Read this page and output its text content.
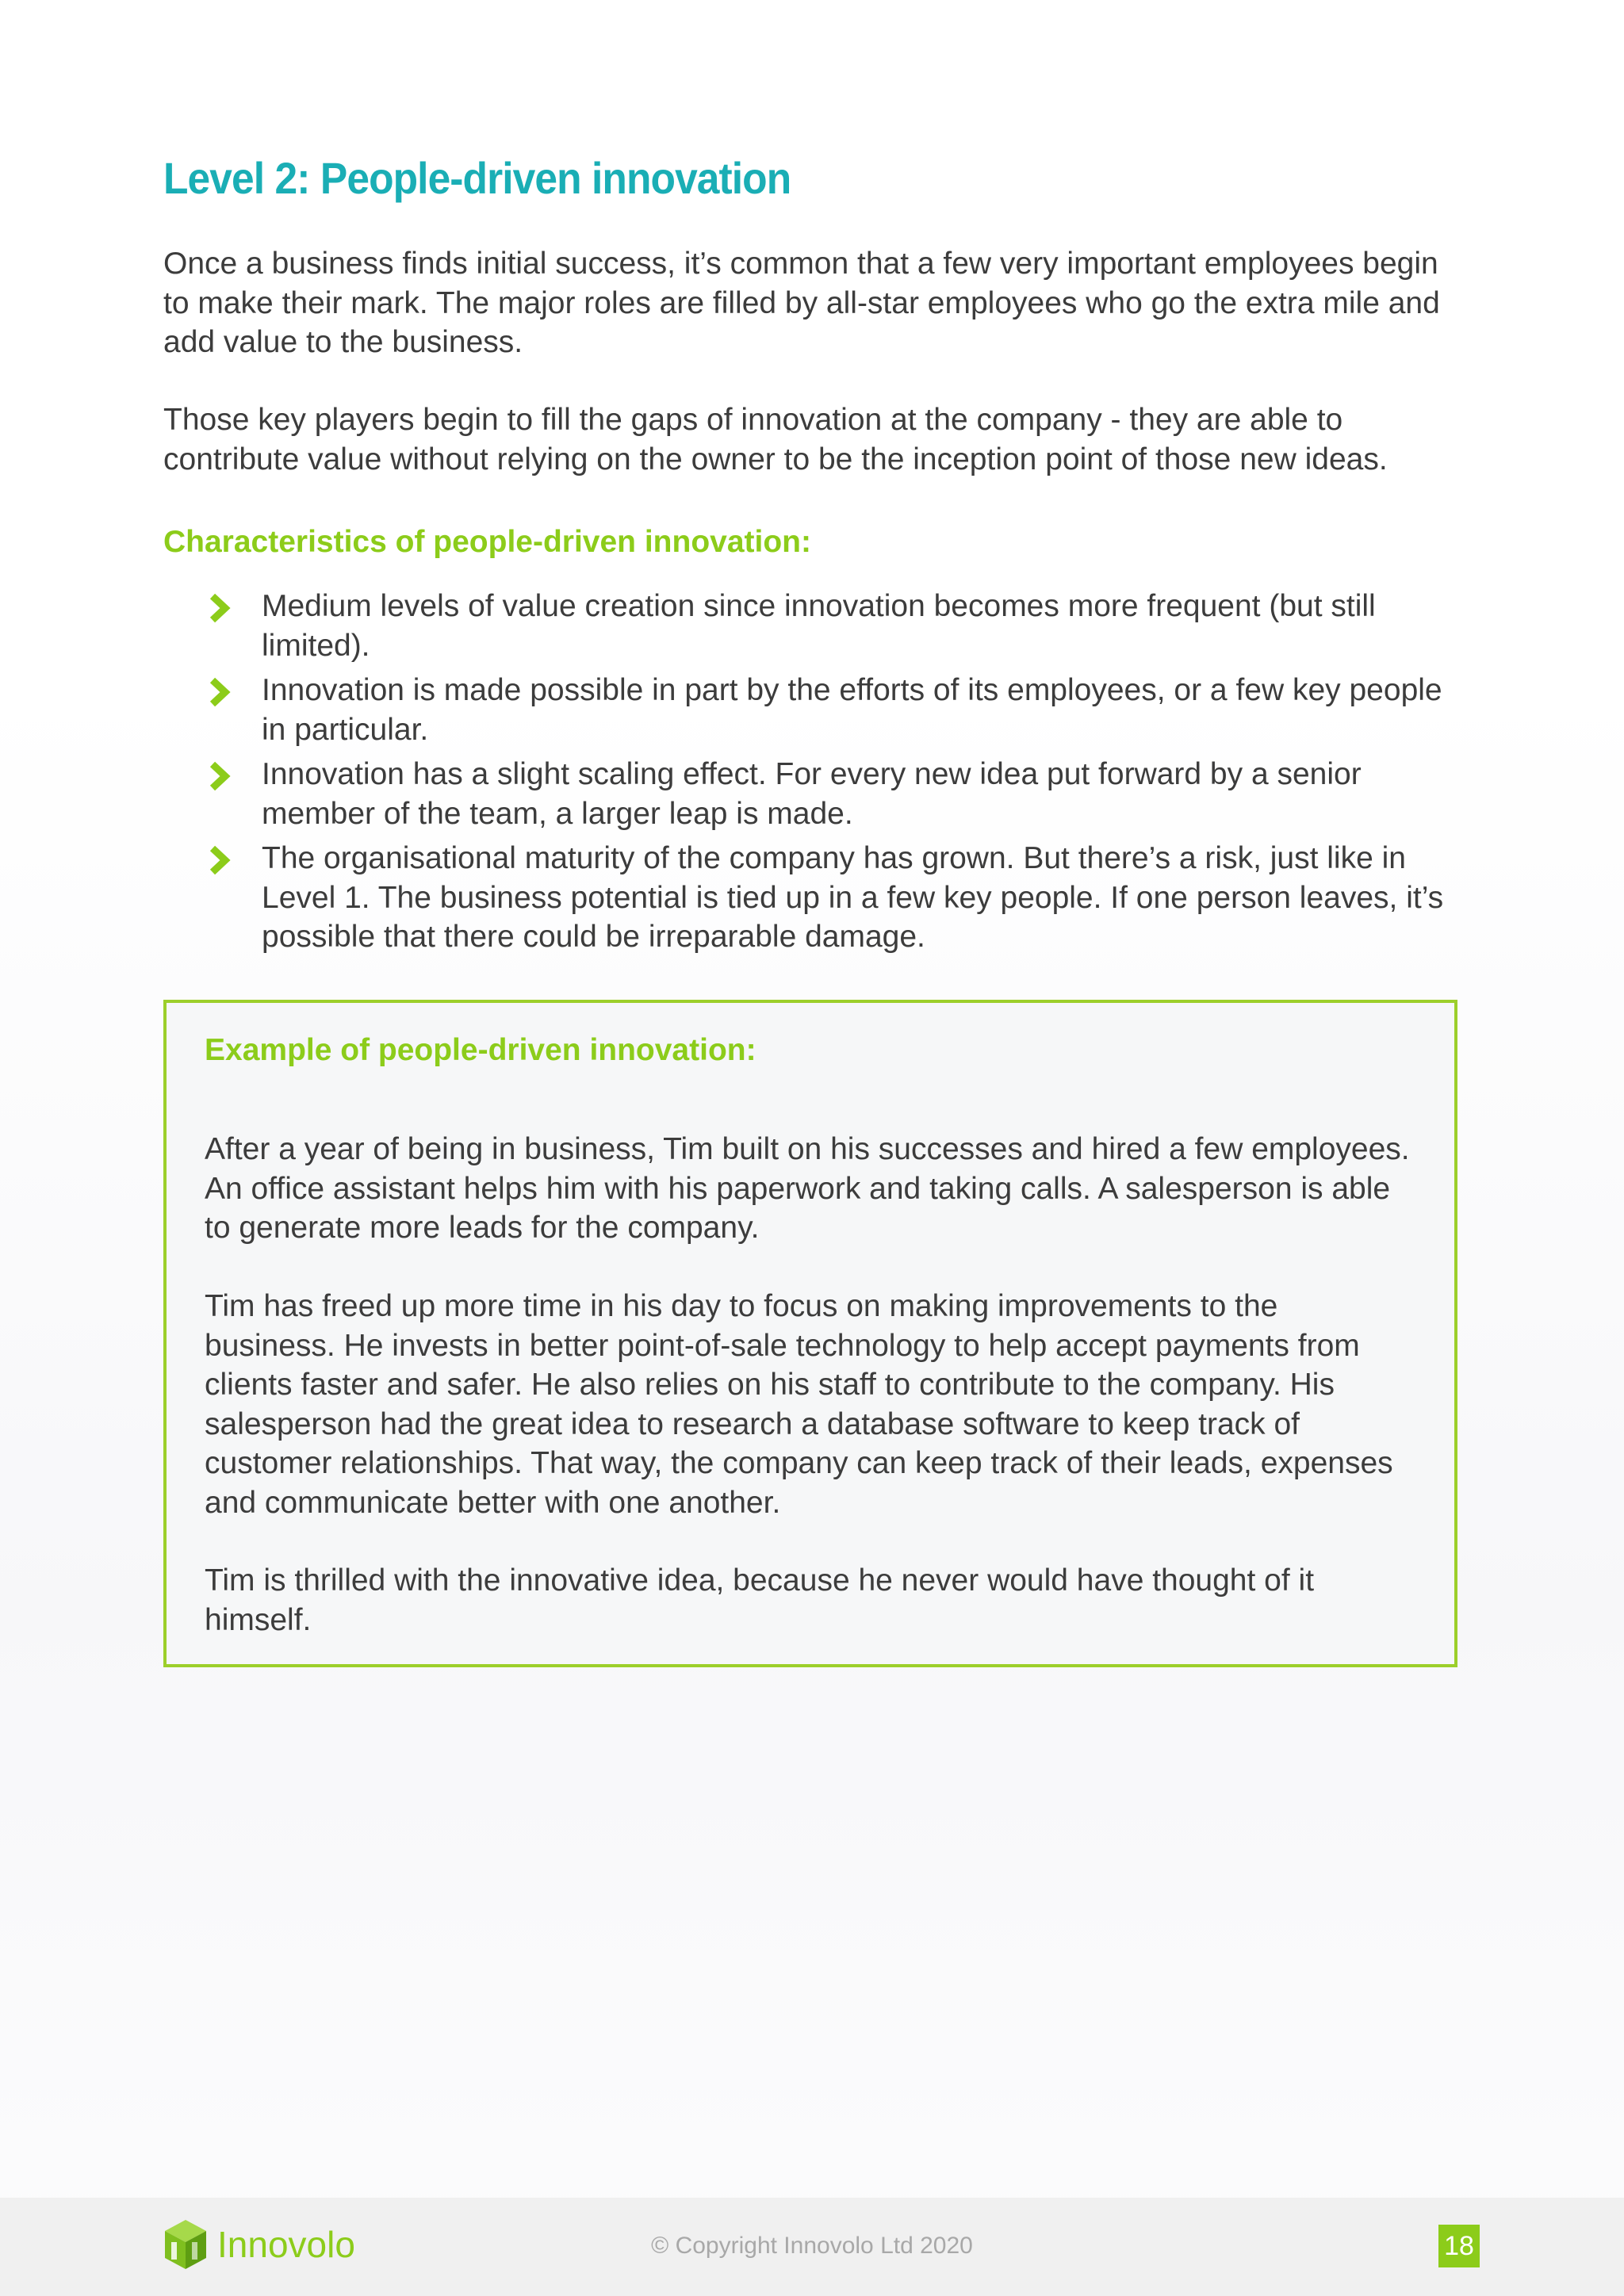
Level 2: People-driven innovation

Once a business finds initial success, it’s common that a few very important employees begin to make their mark. The major roles are filled by all-star employees who go the extra mile and add value to the business.

Those key players begin to fill the gaps of innovation at the company - they are able to contribute value without relying on the owner to be the inception point of those new ideas.

Characteristics of people-driven innovation:
Medium levels of value creation since innovation becomes more frequent (but still limited).
Innovation is made possible in part by the efforts of its employees, or a few key people in particular.
Innovation has a slight scaling effect. For every new idea put forward by a senior member of the team, a larger leap is made.
The organisational maturity of the company has grown. But there’s a risk, just like in Level 1. The business potential is tied up in a few key people. If one person leaves, it’s possible that there could be irreparable damage.
Example of people-driven innovation:

After a year of being in business, Tim built on his successes and hired a few employees. An office assistant helps him with his paperwork and taking calls. A salesperson is able to generate more leads for the company.

Tim has freed up more time in his day to focus on making improvements to the business. He invests in better point-of-sale technology to help accept payments from clients faster and safer. He also relies on his staff to contribute to the company. His salesperson had the great idea to research a database software to keep track of customer relationships. That way, the company can keep track of their leads, expenses and communicate better with one another.

Tim is thrilled with the innovative idea, because he never would have thought of it himself.

Innovolo	© Copyright Innovolo Ltd 2020	18
